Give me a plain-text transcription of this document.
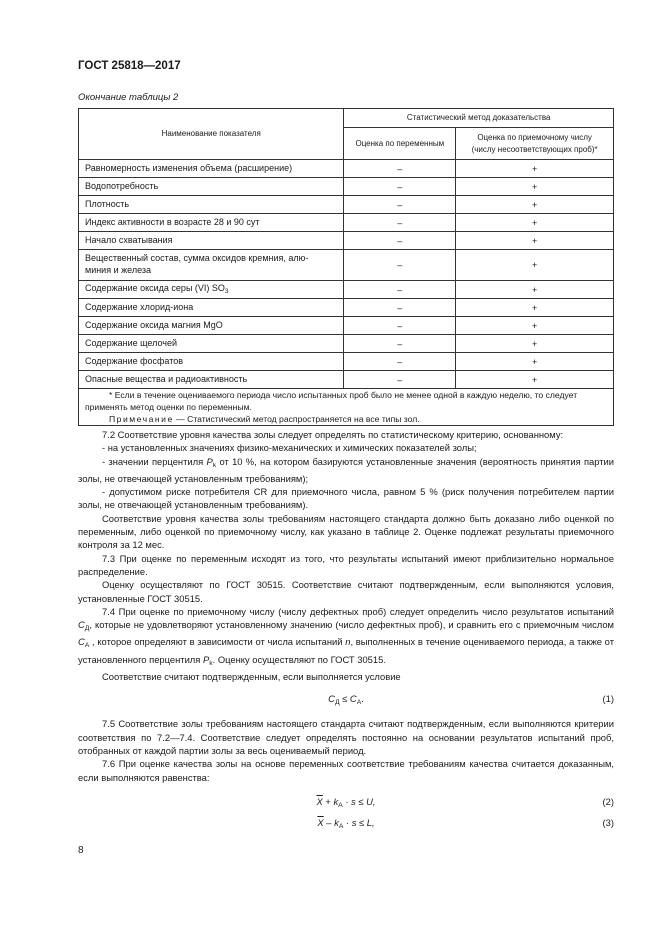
ГОСТ 25818—2017
Окончание таблицы 2
Наименование показателя	Статистический метод доказательства	
	Оценка по переменным	Оценка по приемочному числу
(числу несоответствующих проб)*
Равномерность изменения объема (расширение)	–	+
Водопотребность	–	+
Плотность	–	+
Индекс активности в возрасте 28 и 90 сут	–	+
Начало схватывания	–	+
Вещественный состав, сумма оксидов кремния, алю-
миния и железа	–	+
Содержание оксида серы (VI) $SO_3$	–	+
Содержание хлорид-иона	–	+
Содержание оксида магния MgO	–	+
Содержание щелочей	–	+
Содержание фосфатов	–	+
Опасные вещества и радиоактивность	–	+

* Если в течение оцениваемого периода число испытанных проб было не менее одной в каждую неделю, то следует применять метод оценки по переменным.

Примечание — Статистический метод распространяется на все типы зол.		

7.2 Соответствие уровня качества золы следует определять по статистическому критерию, основанному:

- на установленных значениях физико-механических и химических показателей золы;

- значении перцентиля $P_k$ от 10 %, на котором базируются установленные значения (вероятность принятия партии золы, не отвечающей установленным требованиям);

- допустимом риске потребителя CR для приемочного числа, равном 5 % (риск получения потребителем партии золы, не отвечающей установленным требованиям).

Соответствие уровня качества золы требованиям настоящего стандарта должно быть доказано либо оценкой по переменным, либо оценкой по приемочному числу, как указано в таблице 2. Оценке подлежат результаты приемочного контроля за 12 мес.

7.3 При оценке по переменным исходят из того, что результаты испытаний имеют приблизительно нормальное распределение.

Оценку осуществляют по ГОСТ 30515. Соответствие считают подтвержденным, если выполняются условия, установленные ГОСТ 30515.

7.4 При оценке по приемочному числу (числу дефектных проб) следует определить число результатов испытаний $C_Д$, которые не удовлетворяют установленному значению (число дефектных проб), и сравнить его с приемочным числом $C_A$ , которое определяют в зависимости от числа испытаний n, выполненных в течение оцениваемого периода, а также от установленного перцентиля $P_k$. Оценку осуществляют по ГОСТ 30515.

Соответствие считают подтвержденным, если выполняется условие

$C_Д \le C_A$.	(1)

7.5 Соответствие золы требованиям настоящего стандарта считают подтвержденным, если выполняются критерии соответствия по 7.2—7.4. Соответствие следует определять постоянно на основании результатов испытаний проб, отобранных от каждой партии золы за весь оцениваемый период.

7.6 При оценке качества золы на основе переменных соответствие требованиям качества считается доказанным, если выполняются равенства:

$\overline{X} + k_A \cdot s \le U$,	(2)
$\overline{X} - k_A \cdot s \le L$,	(3)
8
